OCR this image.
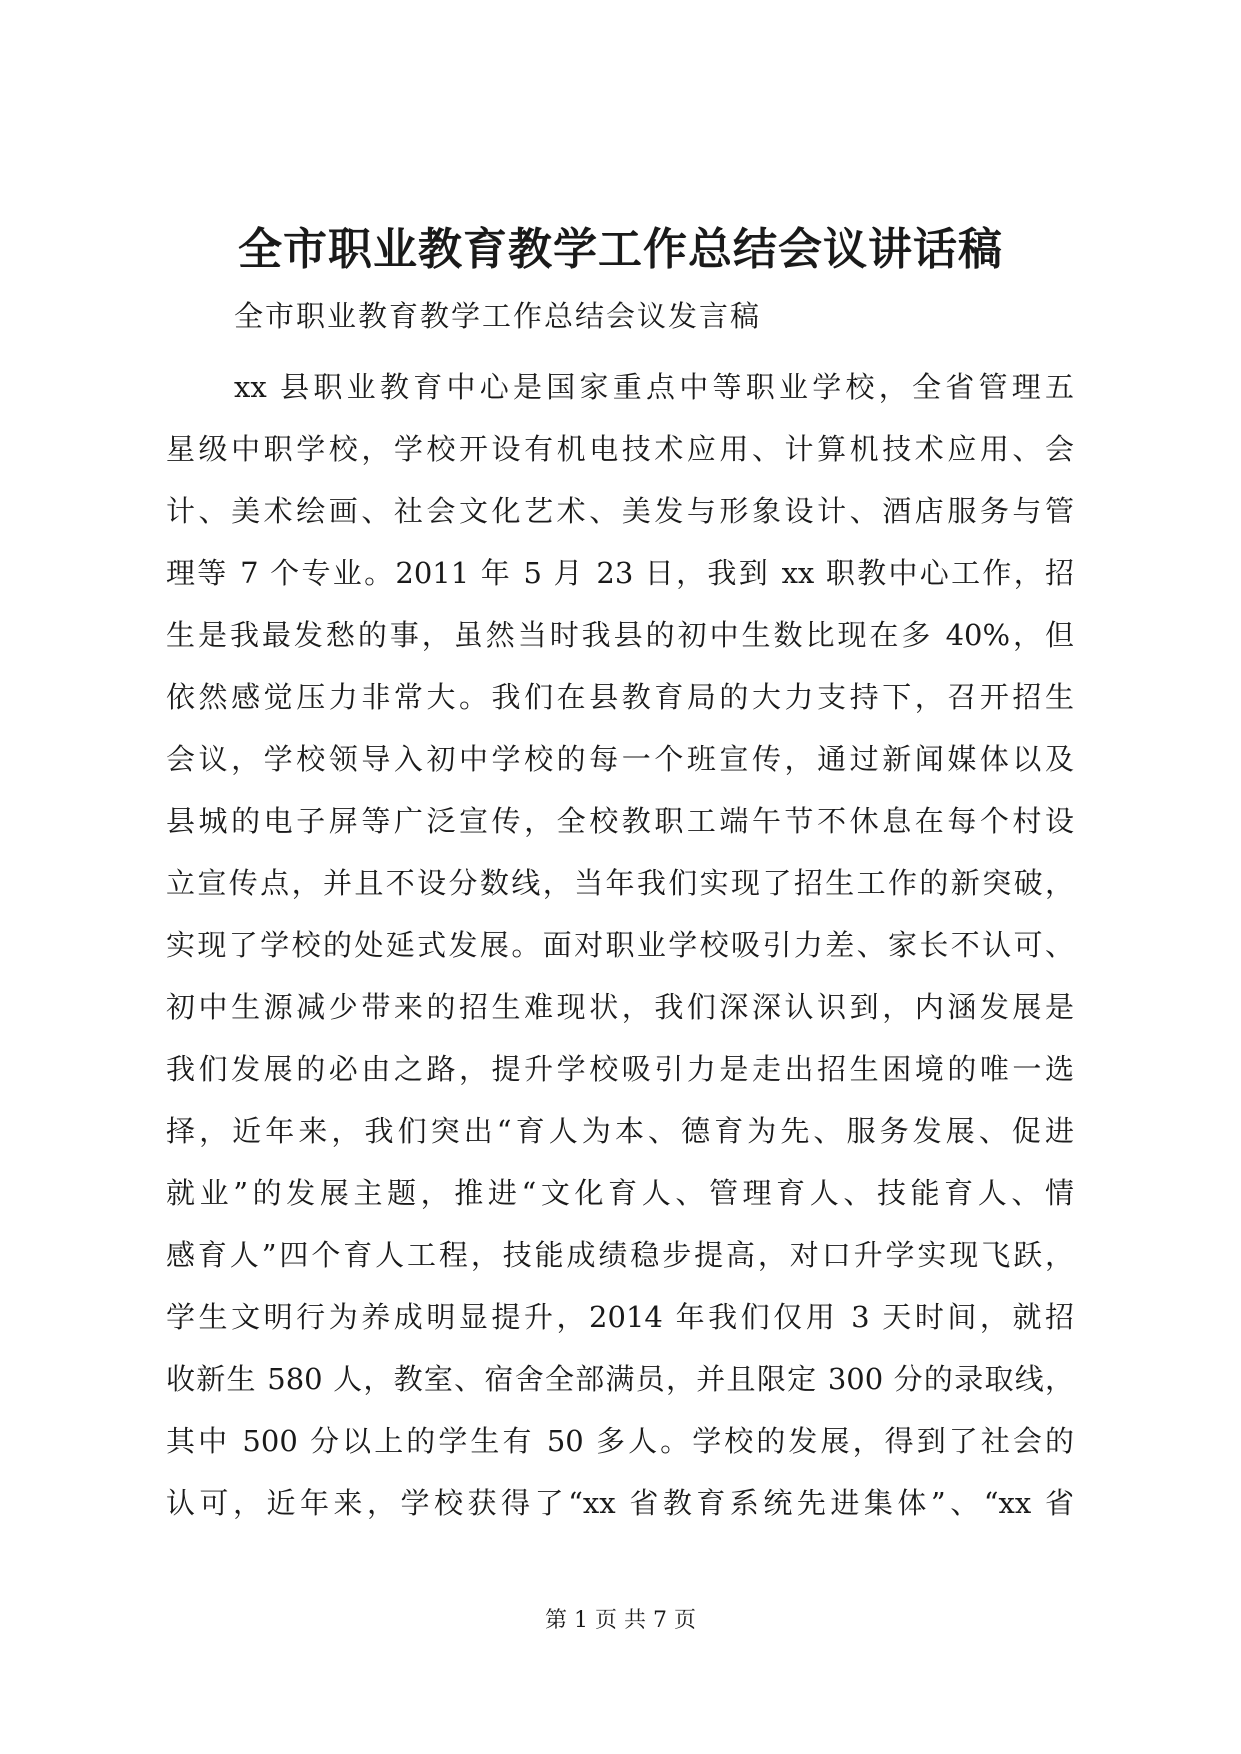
全市职业教育教学工作总结会议讲话稿

全市职业教育教学工作总结会议发言稿

xx 县职业教育中心是国家重点中等职业学校，全省管理五
星级中职学校，学校开设有机电技术应用、计算机技术应用、会
计、美术绘画、社会文化艺术、美发与形象设计、酒店服务与管
理等 7 个专业。2011 年 5 月 23 日，我到 xx 职教中心工作，招
生是我最发愁的事，虽然当时我县的初中生数比现在多 40%，但
依然感觉压力非常大。我们在县教育局的大力支持下，召开招生
会议，学校领导入初中学校的每一个班宣传，通过新闻媒体以及
县城的电子屏等广泛宣传，全校教职工端午节不休息在每个村设
立宣传点，并且不设分数线，当年我们实现了招生工作的新突破，
实现了学校的处延式发展。面对职业学校吸引力差、家长不认可、
初中生源减少带来的招生难现状，我们深深认识到，内涵发展是
我们发展的必由之路，提升学校吸引力是走出招生困境的唯一选
择，近年来，我们突出“育人为本、德育为先、服务发展、促进
就业”的发展主题，推进“文化育人、管理育人、技能育人、情
感育人”四个育人工程，技能成绩稳步提高，对口升学实现飞跃，
学生文明行为养成明显提升，2014 年我们仅用 3 天时间，就招
收新生 580 人，教室、宿舍全部满员，并且限定 300 分的录取线，
其中 500 分以上的学生有 50 多人。学校的发展，得到了社会的
认可，近年来，学校获得了“xx 省教育系统先进集体”、“xx 省

第 1 页 共 7 页
